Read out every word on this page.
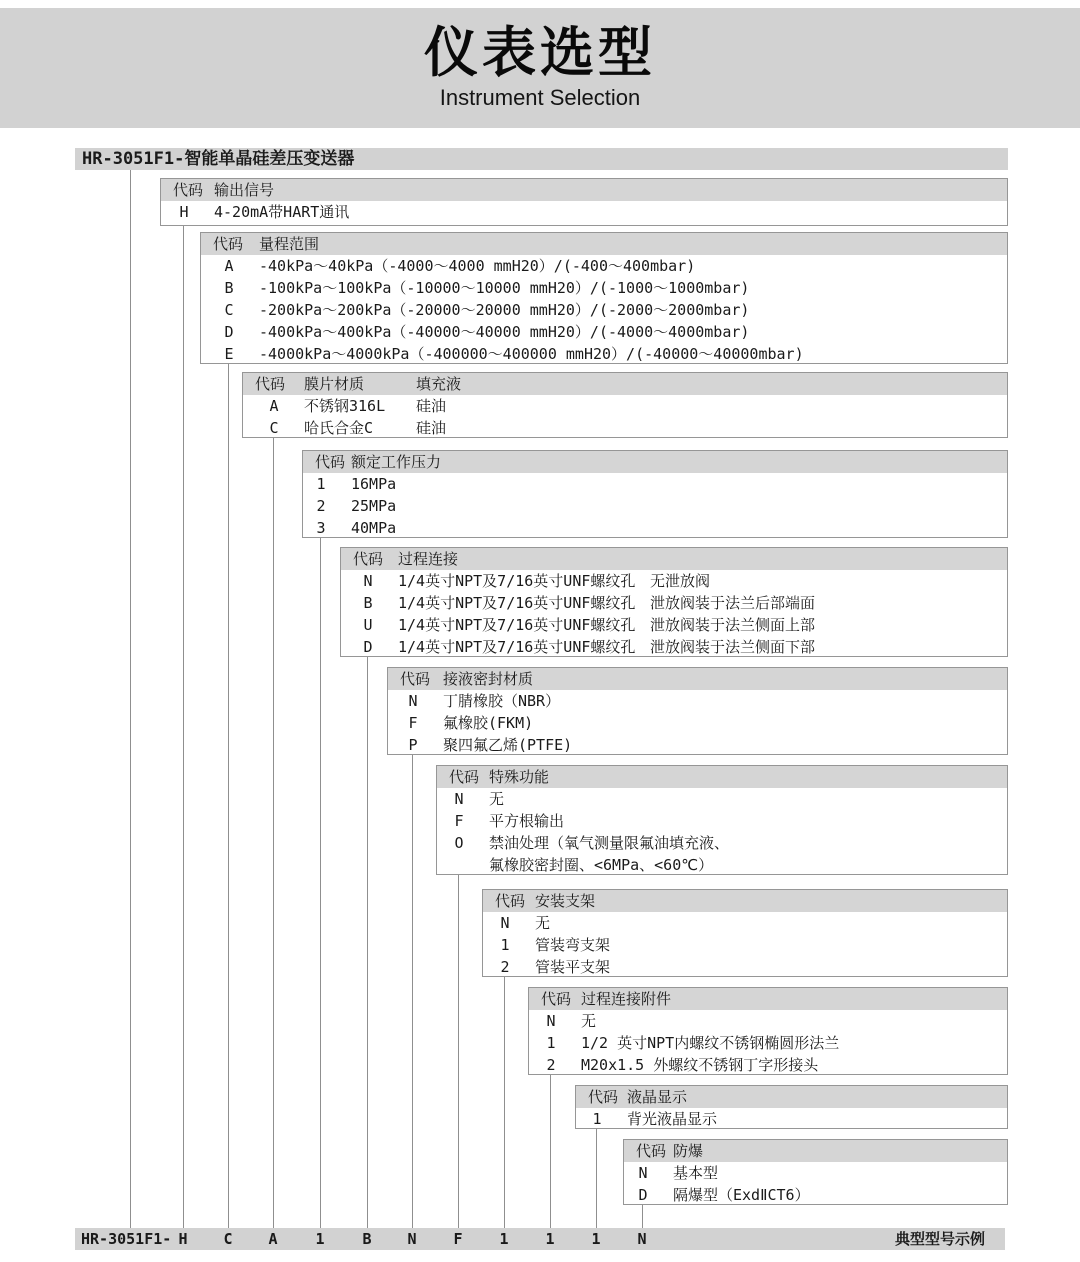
仪表选型
Instrument Selection
HR-3051F1-智能单晶硅差压变送器
代码 输出信号
H 4-20mA带HART通讯
代码 量程范围
A -40kPa～40kPa（-4000～4000 mmH20）/(-400～400mbar)
B -100kPa～100kPa（-10000～10000 mmH20）/(-1000～1000mbar)
C -200kPa～200kPa（-20000～20000 mmH20）/(-2000～2000mbar)
D -400kPa～400kPa（-40000～40000 mmH20）/(-4000～4000mbar)
E -4000kPa～4000kPa（-400000～400000 mmH20）/(-40000～40000mbar)
代码 膜片材质	填充液
A 不锈钢316L 硅油
C 哈氏合金C	硅油
代码 额定工作压力
1 16MPa
2 25MPa
3 40MPa
代码 过程连接
N 1/4英寸NPT及7/16英寸UNF螺纹孔 无泄放阀
B 1/4英寸NPT及7/16英寸UNF螺纹孔 泄放阀装于法兰后部端面
U 1/4英寸NPT及7/16英寸UNF螺纹孔 泄放阀装于法兰侧面上部
D 1/4英寸NPT及7/16英寸UNF螺纹孔 泄放阀装于法兰侧面下部
代码 接液密封材质
N 丁腈橡胶（NBR）
F 氟橡胶(FKM)
P 聚四氟乙烯(PTFE)
代码 特殊功能
N 无
F 平方根输出
O 禁油处理（氧气测量限氟油填充液、
氟橡胶密封圈、<6MPa、<60℃）
代码 安装支架
N 无
1 管装弯支架
2 管装平支架
代码 过程连接附件
N 无
1 1/2 英寸NPT内螺纹不锈钢椭圆形法兰
2 M20x1.5 外螺纹不锈钢丁字形接头
代码 液晶显示
1 背光液晶显示
代码 防爆
N 基本型
D 隔爆型（ExdⅡCT6）
HR-3051F1- H C A	1	B N F 1 1 1 N	典型型号示例
